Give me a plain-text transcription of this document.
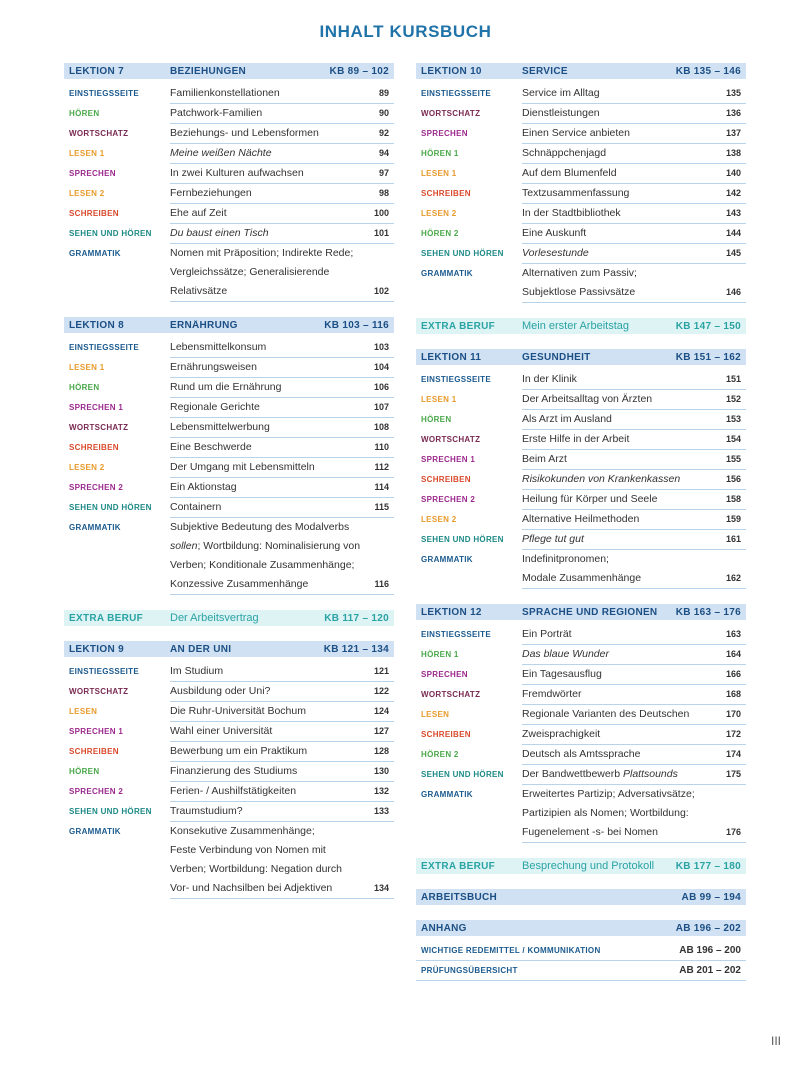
INHALT KURSBUCH
LEKTION 7	BEZIEHUNGEN	KB 89 – 102
EINSTIEGSSEITE	Familienkonstellationen	89
HÖREN	Patchwork-Familien	90
WORTSCHATZ	Beziehungs- und Lebensformen	92
LESEN 1	Meine weißen Nächte	94
SPRECHEN	In zwei Kulturen aufwachsen	97
LESEN 2	Fernbeziehungen	98
SCHREIBEN	Ehe auf Zeit	100
SEHEN UND HÖREN	Du baust einen Tisch	101
GRAMMATIK	Nomen mit Präposition; Indirekte Rede;
Vergleichssätze; Generalisierende
Relativsätze	102
LEKTION 8	ERNÄHRUNG	KB 103 – 116
EINSTIEGSSEITE	Lebensmittelkonsum	103
LESEN 1	Ernährungsweisen	104
HÖREN	Rund um die Ernährung	106
SPRECHEN 1	Regionale Gerichte	107
WORTSCHATZ	Lebensmittelwerbung	108
SCHREIBEN	Eine Beschwerde	110
LESEN 2	Der Umgang mit Lebensmitteln	112
SPRECHEN 2	Ein Aktionstag	114
SEHEN UND HÖREN	Containern	115
GRAMMATIK	Subjektive Bedeutung des Modalverbs
sollen; Wortbildung: Nominalisierung von
Verben; Konditionale Zusammenhänge;
Konzessive Zusammenhänge	116
EXTRA BERUF	Der Arbeitsvertrag	KB 117 – 120
LEKTION 9	AN DER UNI	KB 121 – 134
EINSTIEGSSEITE	Im Studium	121
WORTSCHATZ	Ausbildung oder Uni?	122
LESEN	Die Ruhr-Universität Bochum	124
SPRECHEN 1	Wahl einer Universität	127
SCHREIBEN	Bewerbung um ein Praktikum	128
HÖREN	Finanzierung des Studiums	130
SPRECHEN 2	Ferien- / Aushilfstätigkeiten	132
SEHEN UND HÖREN	Traumstudium?	133
GRAMMATIK	Konsekutive Zusammenhänge;
Feste Verbindung von Nomen mit
Verben; Wortbildung: Negation durch
Vor- und Nachsilben bei Adjektiven	134
LEKTION 10	SERVICE	KB 135 – 146
EINSTIEGSSEITE	Service im Alltag	135
WORTSCHATZ	Dienstleistungen	136
SPRECHEN	Einen Service anbieten	137
HÖREN 1	Schnäppchenjagd	138
LESEN 1	Auf dem Blumenfeld	140
SCHREIBEN	Textzusammenfassung	142
LESEN 2	In der Stadtbibliothek	143
HÖREN 2	Eine Auskunft	144
SEHEN UND HÖREN	Vorlesestunde	145
GRAMMATIK	Alternativen zum Passiv;
Subjektlose Passivsätze	146
EXTRA BERUF	Mein erster Arbeitstag	KB 147 – 150
LEKTION 11	GESUNDHEIT	KB 151 – 162
EINSTIEGSSEITE	In der Klinik	151
LESEN 1	Der Arbeitsalltag von Ärzten	152
HÖREN	Als Arzt im Ausland	153
WORTSCHATZ	Erste Hilfe in der Arbeit	154
SPRECHEN 1	Beim Arzt	155
SCHREIBEN	Risikokunden von Krankenkassen	156
SPRECHEN 2	Heilung für Körper und Seele	158
LESEN 2	Alternative Heilmethoden	159
SEHEN UND HÖREN	Pflege tut gut	161
GRAMMATIK	Indefinitpronomen;
Modale Zusammenhänge	162
LEKTION 12	SPRACHE UND REGIONEN	KB 163 – 176
EINSTIEGSSEITE	Ein Porträt	163
HÖREN 1	Das blaue Wunder	164
SPRECHEN	Ein Tagesausflug	166
WORTSCHATZ	Fremdwörter	168
LESEN	Regionale Varianten des Deutschen	170
SCHREIBEN	Zweisprachigkeit	172
HÖREN 2	Deutsch als Amtssprache	174
SEHEN UND HÖREN	Der Bandwettbewerb Plattsounds	175
GRAMMATIK	Erweitertes Partizip; Adversativsätze;
Partizipien als Nomen; Wortbildung:
Fugenelement -s- bei Nomen	176
EXTRA BERUF	Besprechung und Protokoll	KB 177 – 180
ARBEITSBUCH	AB 99 – 194
ANHANG	AB 196 – 202
WICHTIGE REDEMITTEL / KOMMUNIKATION	AB 196 – 200
PRÜFUNGSÜBERSICHT	AB 201 – 202
III
